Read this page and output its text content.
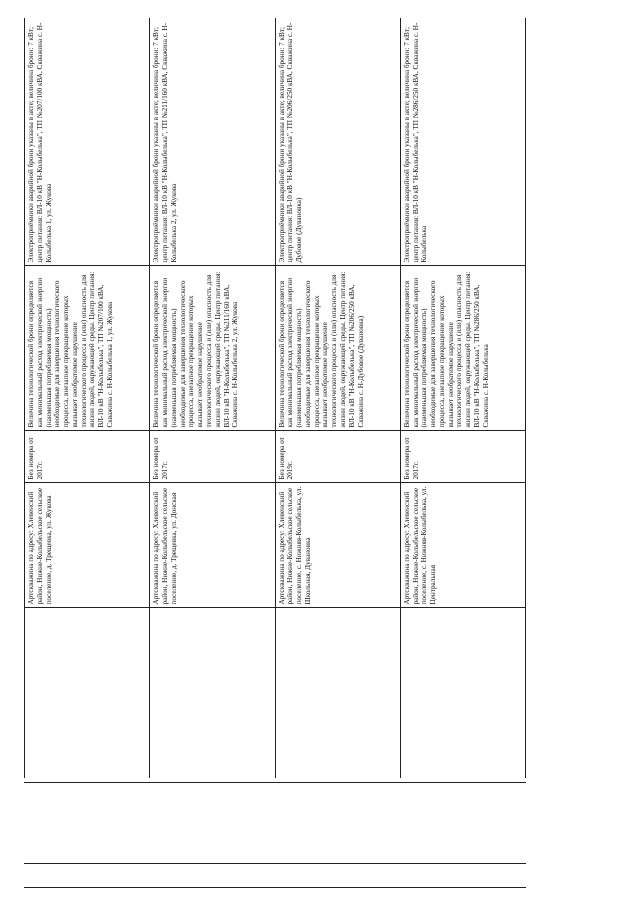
	Артскважина по адресу: Хлевенский район, Нижне-Колыбельское сельское поселение, д. Трещевка, ул. Жукова	Без номера от 2017г.	Величина технологической брони определяется как минимальный расход электрической энергии (наименьшая потребляемая мощность) необходимые для завершения технологического процесса, внезапное прекращение которых вызывает необратимое нарушение технологического процесса и (или) опасность для жизни людей, окружающей среды. Центр питания: ВЛ-10 кВ "Н-Колыбелька", ТП №207/100 кВА, Скважина с. Н-Колыбелька 1, ул. Жукова	Электроприёмники аварийной брони указаны в акте; величина брони: 7 кВт; центр питания: ВЛ-10 кВ "Н-Колыбелька", ТП №207/100 кВА, Скважина с. Н-Колыбелька 1, ул. Жукова
	Артскважина по адресу: Хлевенский район, Нижне-Колыбельское сельское поселение, д. Трещевка, ул. Донская	Без номера от 2017г.	Величина технологической брони определяется как минимальный расход электрической энергии (наименьшая потребляемая мощность) необходимые для завершения технологического процесса, внезапное прекращение которых вызывает необратимое нарушение технологического процесса и (или) опасность для жизни людей, окружающей среды. Центр питания: ВЛ-10 кВ "Н-Колыбелька", ТП №211/160 кВА, Скважина с. Н-Колыбелька 2, ул. Жукова	Электроприёмники аварийной брони указаны в акте; величина брони: 7 кВт; центр питания: ВЛ-10 кВ "Н-Колыбелька", ТП №211/160 кВА, Скважина с. Н-Колыбелька 2, ул. Жукова
	Артскважина по адресу: Хлевенский район, Нижне-Колыбельское сельское поселение, с. Нижняя-Колыбелька, ул. Школьная, Дувановка	Без номера от 2019г.	Величина технологической брони определяется как минимальный расход электрической энергии (наименьшая потребляемая мощность) необходимые для завершения технологического процесса, внезапное прекращение которых вызывает необратимое нарушение технологического процесса и (или) опасность для жизни людей, окружающей среды. Центр питания: ВЛ-10 кВ "Н-Колыбелька", ТП №206/250 кВА, Скважина с. Н-Дубовое (Дувановка)	Электроприёмники аварийной брони указаны в акте; величина брони: 7 кВт; центр питания: ВЛ-10 кВ "Н-Колыбелька", ТП №206/250 кВА, Скважина с. Н-Дубовое (Дувановка)
	Артскважина по адресу: Хлевенский район, Нижне-Колыбельское сельское поселение, с. Нижняя-Колыбелька, ул. Центральная	Без номера от 2017г.	Величина технологической брони определяется как минимальный расход электрической энергии (наименьшая потребляемая мощность) необходимые для завершения технологического процесса, внезапное прекращение которых вызывает необратимое нарушение технологического процесса и (или) опасность для жизни людей, окружающей среды. Центр питания: ВЛ-10 кВ "Н-Колыбелька", ТП №286/250 кВА, Скважина с. Н-Колыбелька	Электроприёмники аварийной брони указаны в акте; величина брони: 7 кВт; центр питания: ВЛ-10 кВ "Н-Колыбелька", ТП №286/250 кВА, Скважина с. Н-Колыбелька
